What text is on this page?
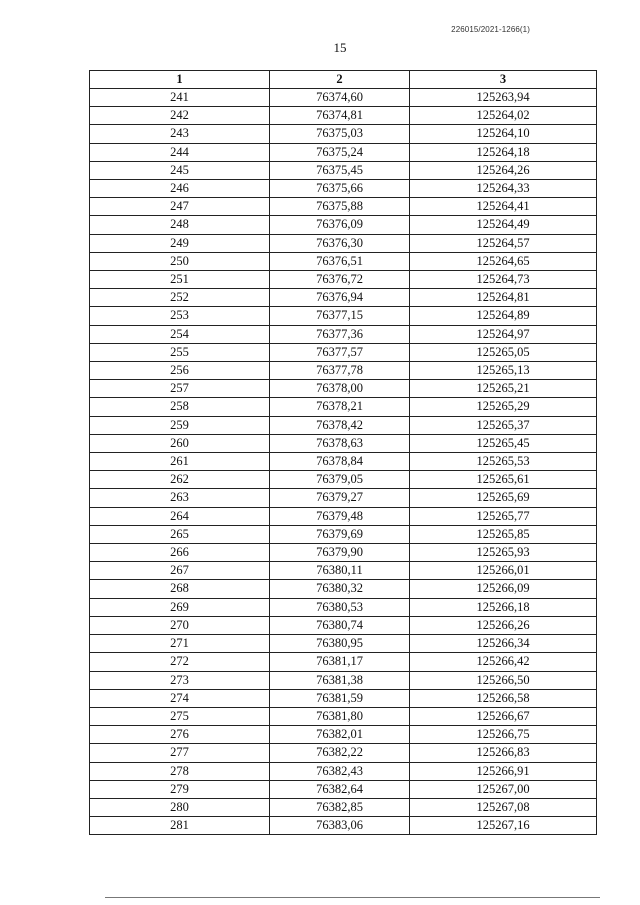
226015/2021-1266(1)
15
1	2	3
241	76374,60	125263,94
242	76374,81	125264,02
243	76375,03	125264,10
244	76375,24	125264,18
245	76375,45	125264,26
246	76375,66	125264,33
247	76375,88	125264,41
248	76376,09	125264,49
249	76376,30	125264,57
250	76376,51	125264,65
251	76376,72	125264,73
252	76376,94	125264,81
253	76377,15	125264,89
254	76377,36	125264,97
255	76377,57	125265,05
256	76377,78	125265,13
257	76378,00	125265,21
258	76378,21	125265,29
259	76378,42	125265,37
260	76378,63	125265,45
261	76378,84	125265,53
262	76379,05	125265,61
263	76379,27	125265,69
264	76379,48	125265,77
265	76379,69	125265,85
266	76379,90	125265,93
267	76380,11	125266,01
268	76380,32	125266,09
269	76380,53	125266,18
270	76380,74	125266,26
271	76380,95	125266,34
272	76381,17	125266,42
273	76381,38	125266,50
274	76381,59	125266,58
275	76381,80	125266,67
276	76382,01	125266,75
277	76382,22	125266,83
278	76382,43	125266,91
279	76382,64	125267,00
280	76382,85	125267,08
281	76383,06	125267,16
